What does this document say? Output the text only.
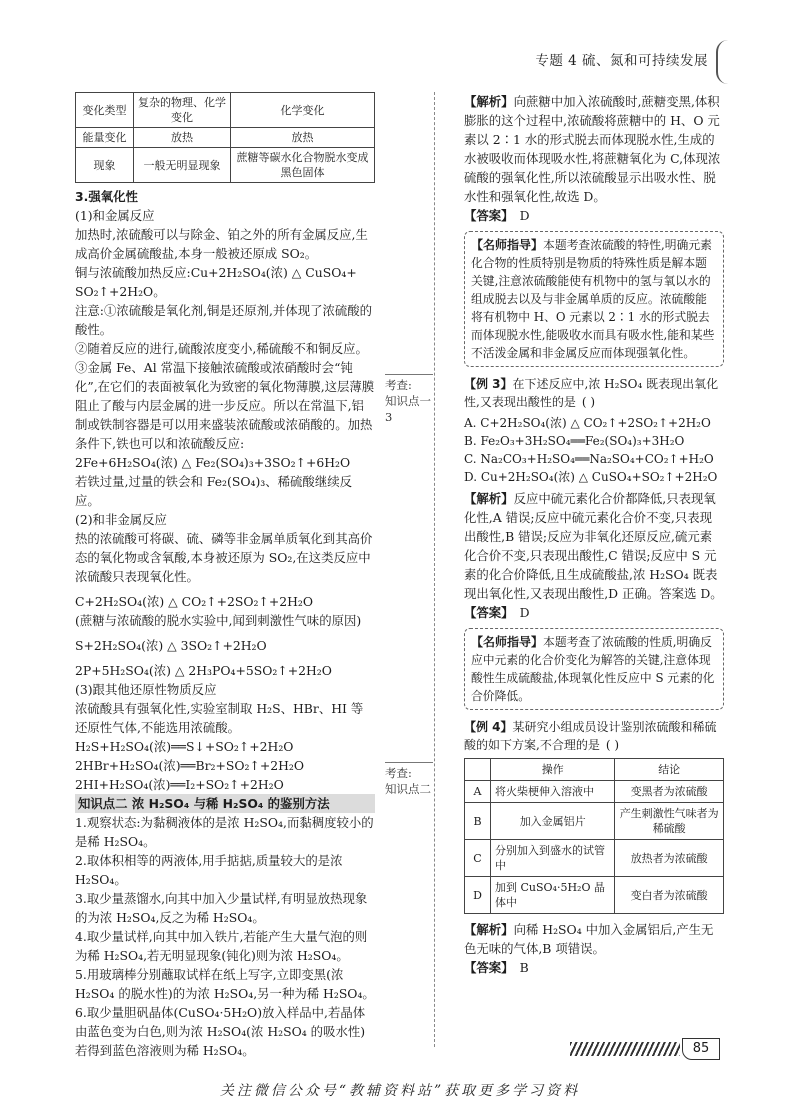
专题 4 硫、氮和可持续发展
变化类型	复杂的物理、化学变化	化学变化
能量变化	放热	放热
现象	一般无明显现象	蔗糖等碳水化合物脱水变成黑色固体

3.强氧化性

(1)和金属反应

加热时,浓硫酸可以与除金、铂之外的所有金属反应,生成高价金属硫酸盐,本身一般被还原成 SO₂。

铜与浓硫酸加热反应:Cu+2H₂SO₄(浓) △ CuSO₄+

SO₂↑+2H₂O。

注意:①浓硫酸是氧化剂,铜是还原剂,并体现了浓硫酸的酸性。

②随着反应的进行,硫酸浓度变小,稀硫酸不和铜反应。

③金属 Fe、Al 常温下接触浓硫酸或浓硝酸时会“钝化”,在它们的表面被氧化为致密的氧化物薄膜,这层薄膜阻止了酸与内层金属的进一步反应。所以在常温下,铝制或铁制容器是可以用来盛装浓硫酸或浓硝酸的。加热条件下,铁也可以和浓硫酸反应:

2Fe+6H₂SO₄(浓) △ Fe₂(SO₄)₃+3SO₂↑+6H₂O

若铁过量,过量的铁会和 Fe₂(SO₄)₃、稀硫酸继续反应。

(2)和非金属反应

热的浓硫酸可将碳、硫、磷等非金属单质氧化到其高价态的氧化物或含氧酸,本身被还原为 SO₂,在这类反应中浓硫酸只表现氧化性。

C+2H₂SO₄(浓) △ CO₂↑+2SO₂↑+2H₂O

(蔗糖与浓硫酸的脱水实验中,闻到刺激性气味的原因)

S+2H₂SO₄(浓) △ 3SO₂↑+2H₂O

2P+5H₂SO₄(浓) △ 2H₃PO₄+5SO₂↑+2H₂O

(3)跟其他还原性物质反应

浓硫酸具有强氧化性,实验室制取 H₂S、HBr、HI 等还原性气体,不能选用浓硫酸。

H₂S+H₂SO₄(浓)══S↓+SO₂↑+2H₂O

2HBr+H₂SO₄(浓)══Br₂+SO₂↑+2H₂O

2HI+H₂SO₄(浓)══I₂+SO₂↑+2H₂O

知识点二 浓 H₂SO₄ 与稀 H₂SO₄ 的鉴别方法

1.观察状态:为黏稠液体的是浓 H₂SO₄,而黏稠度较小的是稀 H₂SO₄。

2.取体积相等的两液体,用手掂掂,质量较大的是浓 H₂SO₄。

3.取少量蒸馏水,向其中加入少量试样,有明显放热现象的为浓 H₂SO₄,反之为稀 H₂SO₄。

4.取少量试样,向其中加入铁片,若能产生大量气泡的则为稀 H₂SO₄,若无明显现象(钝化)则为浓 H₂SO₄。

5.用玻璃棒分别蘸取试样在纸上写字,立即变黑(浓 H₂SO₄ 的脱水性)的为浓 H₂SO₄,另一种为稀 H₂SO₄。

6.取少量胆矾晶体(CuSO₄·5H₂O)放入样品中,若晶体由蓝色变为白色,则为浓 H₂SO₄(浓 H₂SO₄ 的吸水性)若得到蓝色溶液则为稀 H₂SO₄。

考查:
知识点一
3
考查:
知识点二

【解析】向蔗糖中加入浓硫酸时,蔗糖变黑,体积膨胀的这个过程中,浓硫酸将蔗糖中的 H、O 元素以 2∶1 水的形式脱去而体现脱水性,生成的水被吸收而体现吸水性,将蔗糖氧化为 C,体现浓硫酸的强氧化性,所以浓硫酸显示出吸水性、脱水性和强氧化性,故选 D。

【答案】 D

【名师指导】本题考查浓硫酸的特性,明确元素化合物的性质特别是物质的特殊性质是解本题关键,注意浓硫酸能使有机物中的氢与氧以水的组成脱去以及与非金属单质的反应。浓硫酸能将有机物中 H、O 元素以 2∶1 水的形式脱去而体现脱水性,能吸收水而具有吸水性,能和某些不活泼金属和非金属反应而体现强氧化性。

【例 3】在下述反应中,浓 H₂SO₄ 既表现出氧化性,又表现出酸性的是 ( )

A. C+2H₂SO₄(浓) △ CO₂↑+2SO₂↑+2H₂O

B. Fe₂O₃+3H₂SO₄══Fe₂(SO₄)₃+3H₂O

C. Na₂CO₃+H₂SO₄══Na₂SO₄+CO₂↑+H₂O

D. Cu+2H₂SO₄(浓) △ CuSO₄+SO₂↑+2H₂O

【解析】反应中硫元素化合价都降低,只表现氧化性,A 错误;反应中硫元素化合价不变,只表现出酸性,B 错误;反应为非氧化还原反应,硫元素化合价不变,只表现出酸性,C 错误;反应中 S 元素的化合价降低,且生成硫酸盐,浓 H₂SO₄ 既表现出氧化性,又表现出酸性,D 正确。答案选 D。

【答案】 D

【名师指导】本题考查了浓硫酸的性质,明确反应中元素的化合价变化为解答的关键,注意体现酸性生成硫酸盐,体现氧化性反应中 S 元素的化合价降低。

【例 4】某研究小组成员设计鉴别浓硫酸和稀硫酸的如下方案,不合理的是 ( )

	操作	结论
A	将火柴梗伸入溶液中	变黑者为浓硫酸
B	加入金属铝片	产生刺激性气味者为稀硫酸
C	分别加入到盛水的试管中	放热者为浓硫酸
D	加到 CuSO₄·5H₂O 晶体中	变白者为浓硫酸

【解析】向稀 H₂SO₄ 中加入金属铝后,产生无色无味的气体,B 项错误。

【答案】 B

85
关注微信公众号“教辅资料站”获取更多学习资料
